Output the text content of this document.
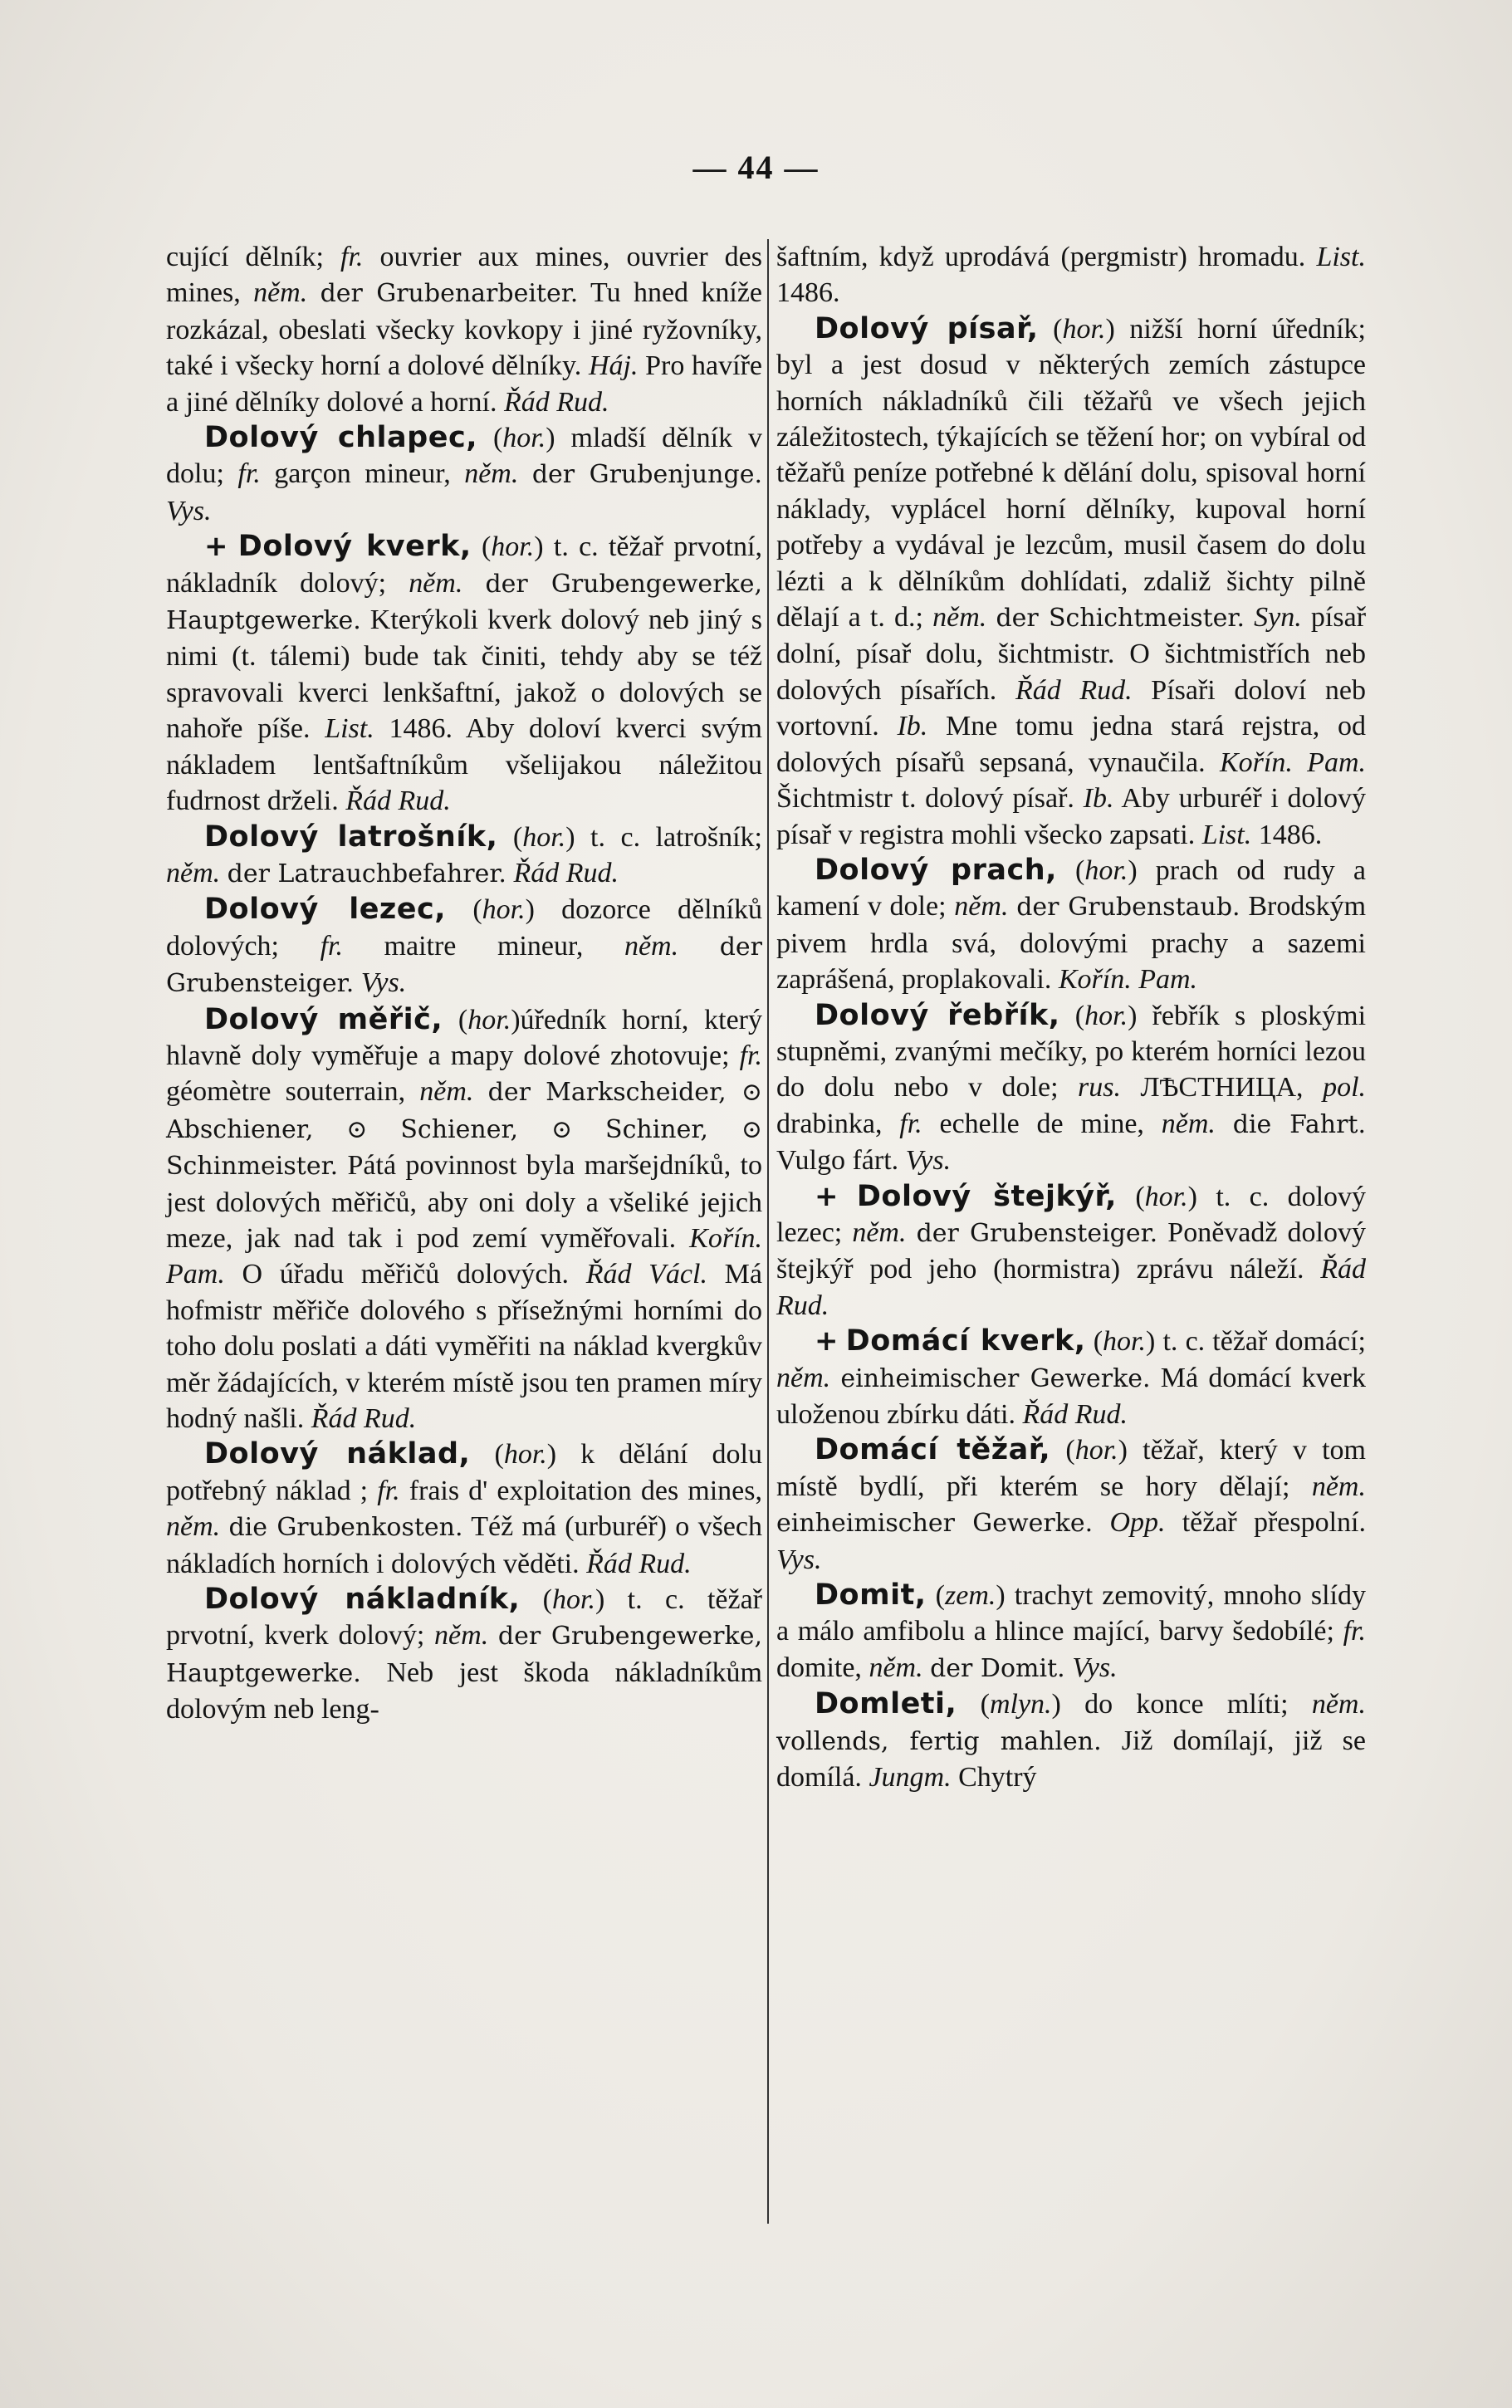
— 44 —

cující dělník; fr. ouvrier aux mines, ouvrier des mines, něm. der Grubenarbeiter. Tu hned kníže rozkázal, obeslati všecky kovkopy i jiné ryžovníky, také i všecky horní a dolové dělníky. Háj. Pro havíře a jiné dělníky dolové a horní. Řád Rud.

Dolový chlapec, (hor.) mladší dělník v dolu; fr. garçon mineur, něm. der Grubenjunge. Vys.

+ Dolový kverk, (hor.) t. c. těžař prvotní, nákladník dolový; něm. der Grubengewerke, Hauptgewerke. Kterýkoli kverk dolový neb jiný s nimi (t. tálemi) bude tak činiti, tehdy aby se též spravovali kverci lenkšaftní, jakož o dolových se nahoře píše. List. 1486. Aby doloví kverci svým nákladem lentšaftníkům všelijakou náležitou fudrnost drželi. Řád Rud.

Dolový latrošník, (hor.) t. c. latrošník; něm. der Latrauchbefahrer. Řád Rud.

Dolový lezec, (hor.) dozorce dělníků dolových; fr. maitre mineur, něm. der Grubensteiger. Vys.

Dolový měřič, (hor.)úředník horní, který hlavně doly vyměřuje a mapy dolové zhotovuje; fr. géomètre souterrain, něm. der Markscheider, ⊙ Abschiener, ⊙ Schiener, ⊙ Schiner, ⊙ Schinmeister. Pátá povinnost byla maršejdníků, to jest dolových měřičů, aby oni doly a všeliké jejich meze, jak nad tak i pod zemí vyměřovali. Kořín. Pam. O úřadu měřičů dolových. Řád Václ. Má hofmistr měřiče dolového s přísežnými horními do toho dolu poslati a dáti vyměřiti na náklad kvergkův měr žádajících, v kterém místě jsou ten pramen míry hodný našli. Řád Rud.

Dolový náklad, (hor.) k dělání dolu potřebný náklad ; fr. frais d' exploitation des mines, něm. die Grubenkosten. Též má (urburéř) o všech nákladích horních i dolových věděti. Řád Rud.

Dolový nákladník, (hor.) t. c. těžař prvotní, kverk dolový; něm. der Grubengewerke, Hauptgewerke. Neb jest škoda nákladníkům dolovým neb leng-

šaftním, když uprodává (pergmistr) hromadu. List. 1486.

Dolový písař, (hor.) nižší horní úředník; byl a jest dosud v některých zemích zástupce horních nákladníků čili těžařů ve všech jejich záležitostech, týkajících se těžení hor; on vybíral od těžařů peníze potřebné k dělání dolu, spisoval horní náklady, vyplácel horní dělníky, kupoval horní potřeby a vydával je lezcům, musil časem do dolu lézti a k dělníkům dohlídati, zdaliž šichty pilně dělají a t. d.; něm. der Schichtmeister. Syn. písař dolní, písař dolu, šichtmistr. O šichtmistřích neb dolových písařích. Řád Rud. Písaři doloví neb vortovní. Ib. Mne tomu jedna stará rejstra, od dolových písařů sepsaná, vynaučila. Kořín. Pam. Šichtmistr t. dolový písař. Ib. Aby urburéř i dolový písař v registra mohli všecko zapsati. List. 1486.

Dolový prach, (hor.) prach od rudy a kamení v dole; něm. der Grubenstaub. Brodským pivem hrdla svá, dolovými prachy a sazemi zaprášená, proplakovali. Kořín. Pam.

Dolový řebřík, (hor.) řebřík s ploskými stupněmi, zvanými mečíky, po kterém horníci lezou do dolu nebo v dole; rus. ЛѢСТНИЦА, pol. drabinka, fr. echelle de mine, něm. die Fahrt. Vulgo fárt. Vys.

+ Dolový štejkýř, (hor.) t. c. dolový lezec; něm. der Grubensteiger. Poněvadž dolový štejkýř pod jeho (hormistra) zprávu náleží. Řád Rud.

+ Domácí kverk, (hor.) t. c. těžař domácí; něm. einheimischer Gewerke. Má domácí kverk uloženou zbírku dáti. Řád Rud.

Domácí těžař, (hor.) těžař, který v tom místě bydlí, při kterém se hory dělají; něm. einheimischer Gewerke. Opp. těžař přespolní. Vys.

Domit, (zem.) trachyt zemovitý, mnoho slídy a málo amfibolu a hlince mající, barvy šedobílé; fr. domite, něm. der Domit. Vys.

Domleti, (mlyn.) do konce mlíti; něm. vollends, fertig mahlen. Již domílají, již se domílá. Jungm. Chytrý
